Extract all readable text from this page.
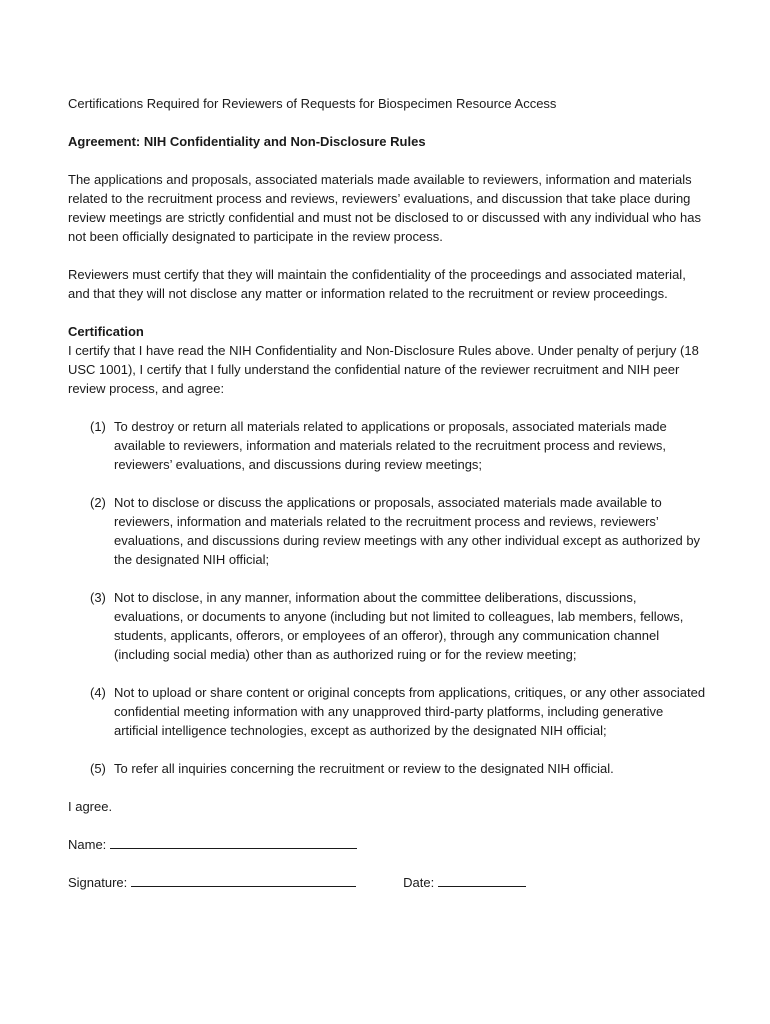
Certifications Required for Reviewers of Requests for Biospecimen Resource Access

Agreement: NIH Confidentiality and Non-Disclosure Rules

The applications and proposals, associated materials made available to reviewers, information and materials related to the recruitment process and reviews, reviewers’ evaluations, and discussion that take place during review meetings are strictly confidential and must not be disclosed to or discussed with any individual who has not been officially designated to participate in the review process.

Reviewers must certify that they will maintain the confidentiality of the proceedings and associated material, and that they will not disclose any matter or information related to the recruitment or review proceedings.

Certification

I certify that I have read the NIH Confidentiality and Non-Disclosure Rules above. Under penalty of perjury (18 USC 1001), I certify that I fully understand the confidential nature of the reviewer recruitment and NIH peer review process, and agree:

(1) To destroy or return all materials related to applications or proposals, associated materials made available to reviewers, information and materials related to the recruitment process and reviews, reviewers’ evaluations, and discussions during review meetings;
(2) Not to disclose or discuss the applications or proposals, associated materials made available to reviewers, information and materials related to the recruitment process and reviews, reviewers’ evaluations, and discussions during review meetings with any other individual except as authorized by the designated NIH official;
(3) Not to disclose, in any manner, information about the committee deliberations, discussions, evaluations, or documents to anyone (including but not limited to colleagues, lab members, fellows, students, applicants, offerors, or employees of an offeror), through any communication channel (including social media) other than as authorized ruing or for the review meeting;
(4) Not to upload or share content or original concepts from applications, critiques, or any other associated confidential meeting information with any unapproved third-party platforms, including generative artificial intelligence technologies, except as authorized by the designated NIH official;
(5) To refer all inquiries concerning the recruitment or review to the designated NIH official.

I agree.

Name:

Signature:	Date:
